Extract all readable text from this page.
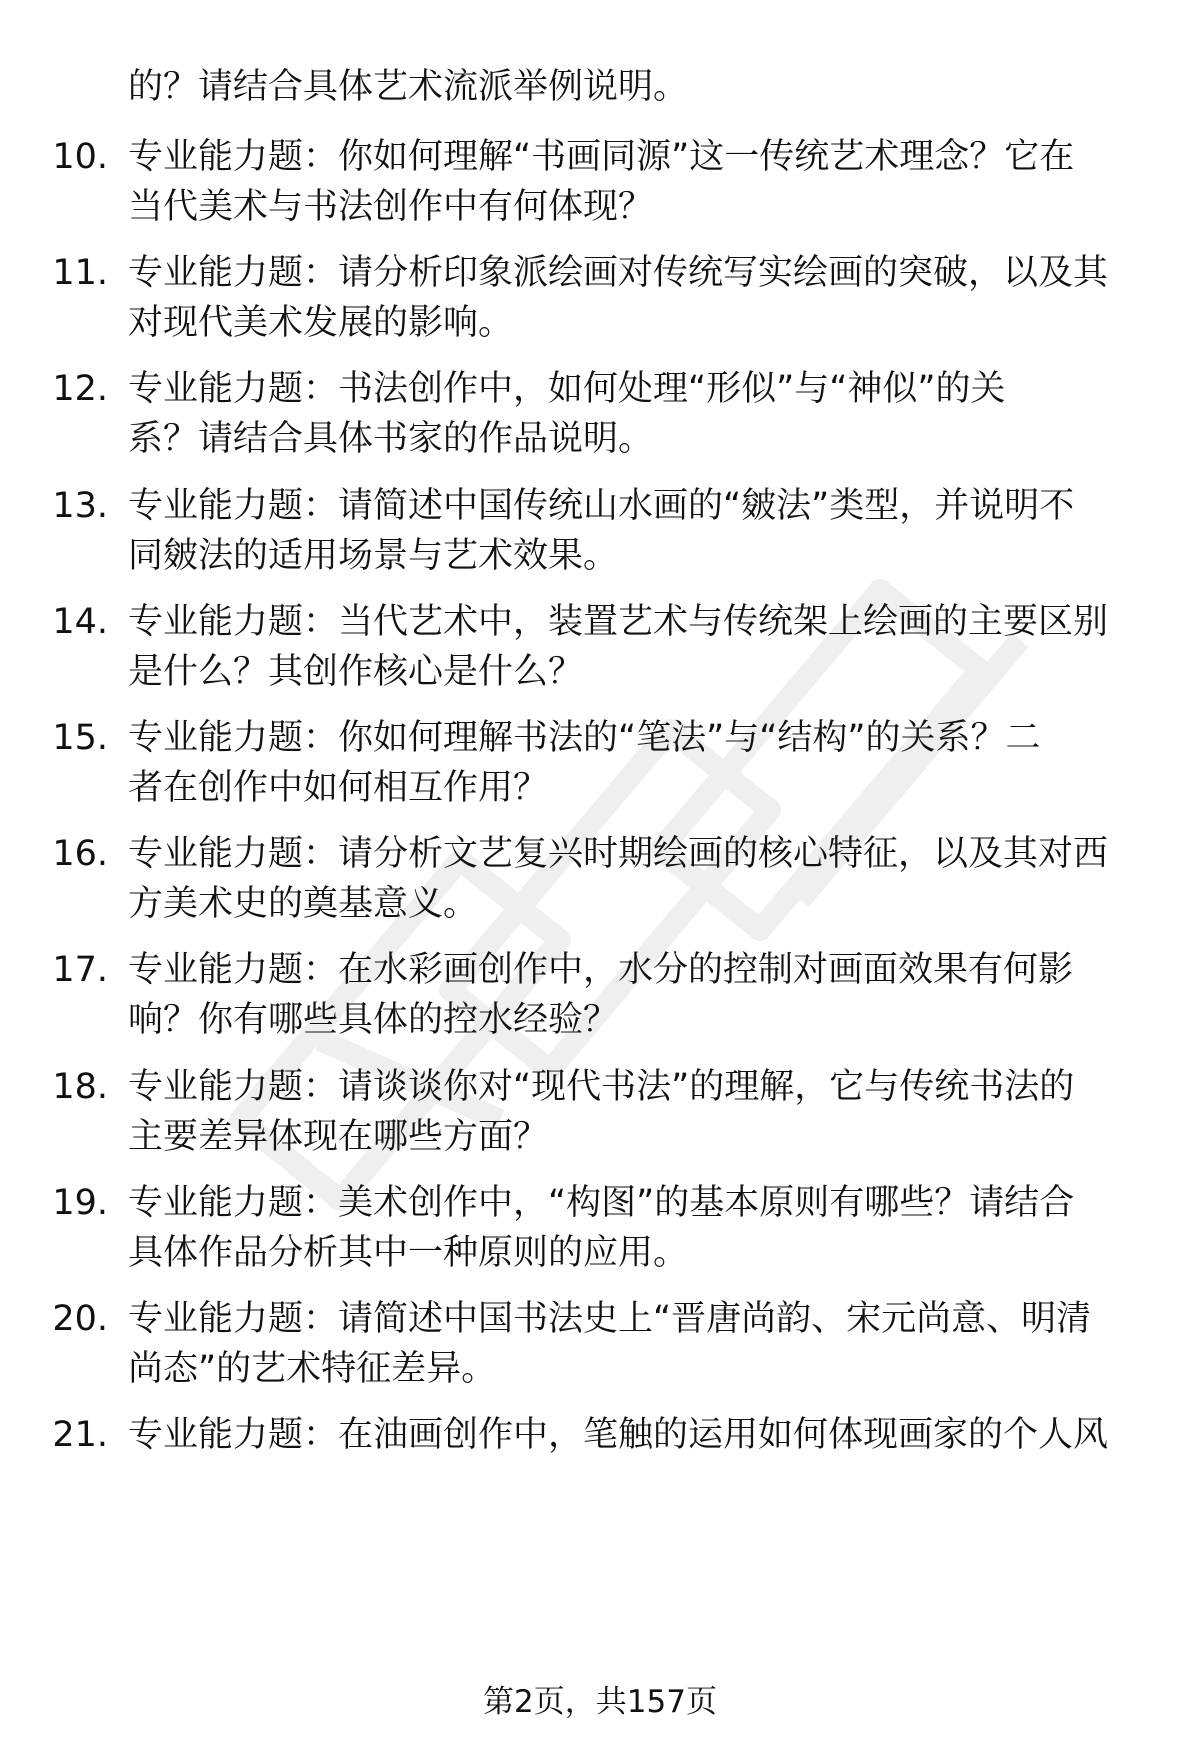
的？请结合具体艺术流派举例说明。
10. 专业能力题：你如何理解“书画同源”这一传统艺术理念？它在
当代美术与书法创作中有何体现？
11. 专业能力题：请分析印象派绘画对传统写实绘画的突破，以及其
对现代美术发展的影响。
12. 专业能力题：书法创作中，如何处理“形似”与“神似”的关
系？请结合具体书家的作品说明。
13. 专业能力题：请简述中国传统山水画的“皴法”类型，并说明不
同皴法的适用场景与艺术效果。
14. 专业能力题：当代艺术中，装置艺术与传统架上绘画的主要区别
是什么？其创作核心是什么？
15. 专业能力题：你如何理解书法的“笔法”与“结构”的关系？二
者在创作中如何相互作用？
16. 专业能力题：请分析文艺复兴时期绘画的核心特征，以及其对西
方美术史的奠基意义。
17. 专业能力题：在水彩画创作中，水分的控制对画面效果有何影
响？你有哪些具体的控水经验？
18. 专业能力题：请谈谈你对“现代书法”的理解，它与传统书法的
主要差异体现在哪些方面？
19. 专业能力题：美术创作中，“构图”的基本原则有哪些？请结合
具体作品分析其中一种原则的应用。
20. 专业能力题：请简述中国书法史上“晋唐尚韵、宋元尚意、明清
尚态”的艺术特征差异。
21. 专业能力题：在油画创作中，笔触的运用如何体现画家的个人风
第2页，共157页
